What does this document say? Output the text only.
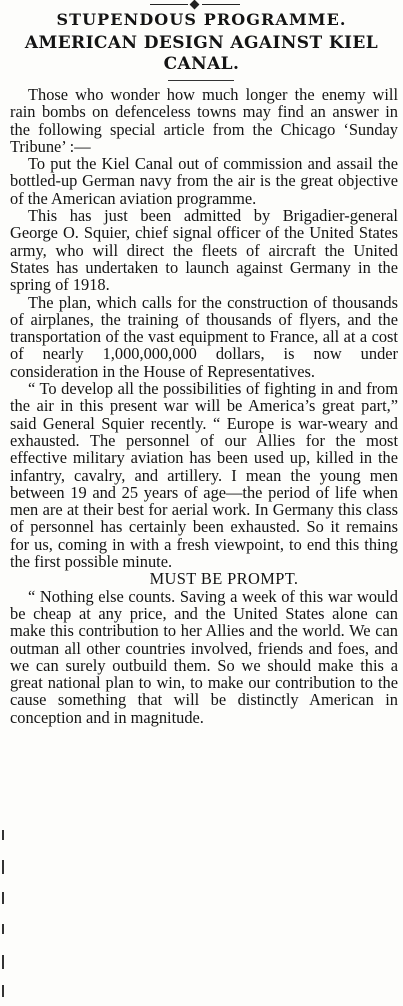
STUPENDOUS PROGRAMME.
AMERICAN DESIGN AGAINST KIEL CANAL.

Those who wonder how much longer the enemy will rain bombs on defenceless towns may find an answer in the following special article from the Chicago ‘Sunday Tribune’ :—

To put the Kiel Canal out of commission and assail the bottled-up German navy from the air is the great objective of the American aviation programme.

This has just been admitted by Brigadier-general George O. Squier, chief signal officer of the United States army, who will direct the fleets of aircraft the United States has undertaken to launch against Germany in the spring of 1918.

The plan, which calls for the construction of thousands of airplanes, the training of thousands of flyers, and the transportation of the vast equipment to France, all at a cost of nearly 1,000,000,000 dollars, is now under consideration in the House of Representatives.

“ To develop all the possibilities of fighting in and from the air in this present war will be America’s great part,” said General Squier recently. “ Europe is war-weary and exhausted. The personnel of our Allies for the most effective military aviation has been used up, killed in the infantry, cavalry, and artillery. I mean the young men between 19 and 25 years of age—the period of life when men are at their best for aerial work. In Germany this class of personnel has certainly been exhausted. So it remains for us, coming in with a fresh viewpoint, to end this thing the first possible minute.

MUST BE PROMPT.

“ Nothing else counts. Saving a week of this war would be cheap at any price, and the United States alone can make this contribution to her Allies and the world. We can outman all other countries involved, friends and foes, and we can surely outbuild them. So we should make this a great national plan to win, to make our contribution to the cause something that will be distinctly American in conception and in magnitude.
